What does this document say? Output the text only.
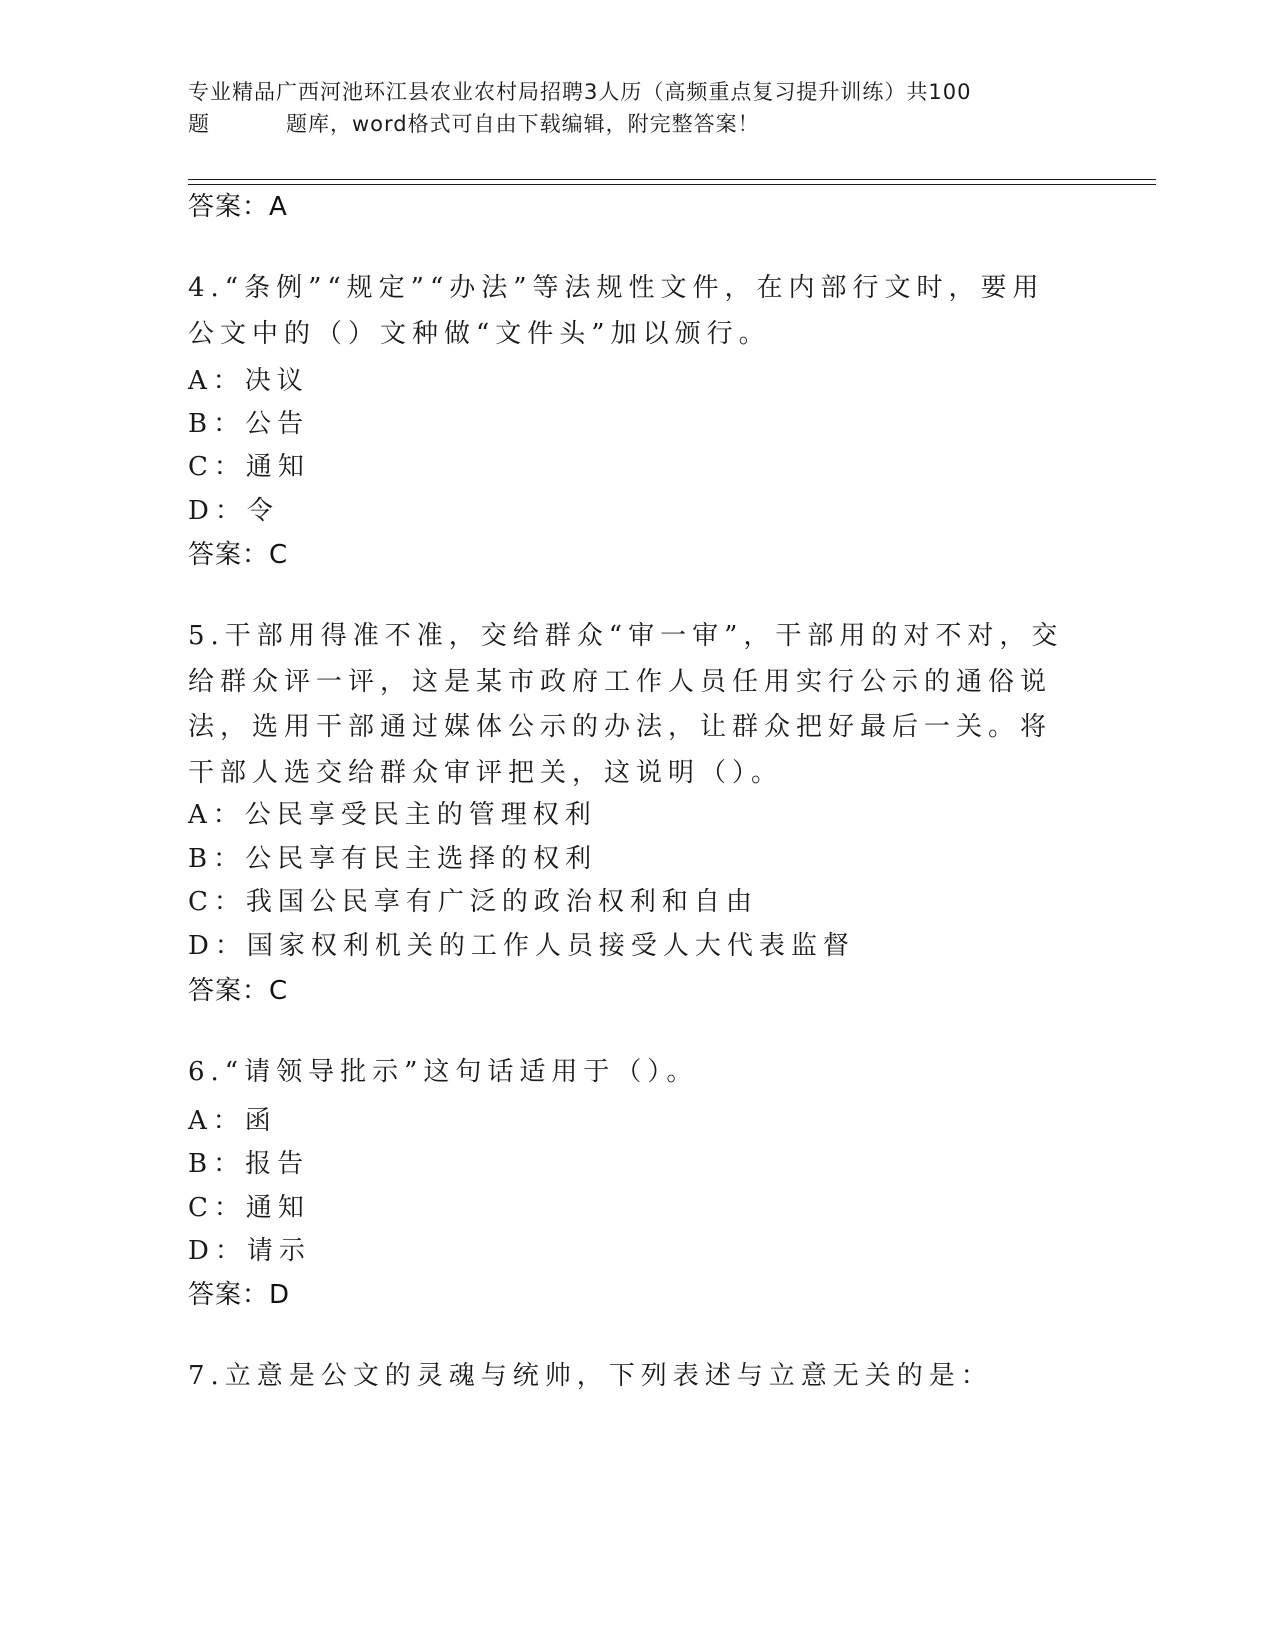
专业精品广西河池环江县农业农村局招聘3人历（高频重点复习提升训练）共100
题	题库，word格式可自由下载编辑，附完整答案！
答案：A
4.“条例”“规定”“办法”等法规性文件，在内部行文时，要用公文中的（）文种做“文件头”加以颁行。
A：决议
B：公告
C：通知
D：令
答案：C
5.干部用得准不准，交给群众“审一审”，干部用的对不对，交给群众评一评，这是某市政府工作人员任用实行公示的通俗说法，选用干部通过媒体公示的办法，让群众把好最后一关。将干部人选交给群众审评把关，这说明（）。
A：公民享受民主的管理权利
B：公民享有民主选择的权利
C：我国公民享有广泛的政治权利和自由
D：国家权利机关的工作人员接受人大代表监督
答案：C
6.“请领导批示”这句话适用于（）。
A：函
B：报告
C：通知
D：请示
答案：D
7.立意是公文的灵魂与统帅，下列表述与立意无关的是：
